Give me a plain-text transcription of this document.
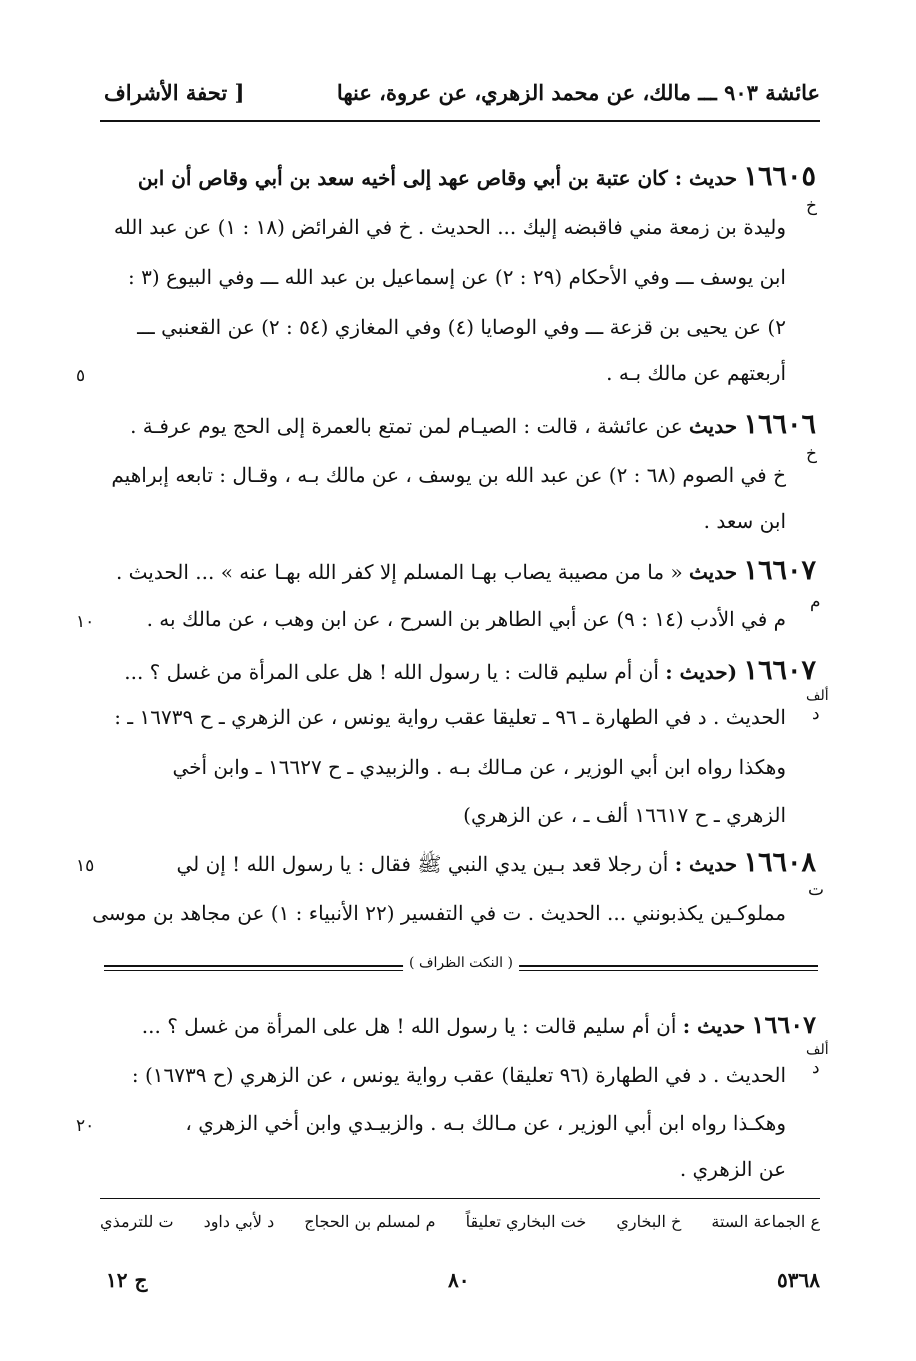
عائشة ٩٠٣ ـــ مالك، عن محمد الزهري، عن عروة، عنها
[ تحفة الأشراف
١٦٦٠٥ حديث : كان عتبة بن أبي وقاص عهد إلى أخيه سعد بن أبي وقاص أن ابن
خ
وليدة بن زمعة مني فاقبضه إليك ... الحديث . خ في الفرائض (١٨ : ١) عن عبد الله
ابن يوسف ـــ وفي الأحكام (٢٩ : ٢) عن إسماعيل بن عبد الله ـــ وفي البيوع (٣ :
٢) عن يحيى بن قزعة ـــ وفي الوصايا (٤) وفي المغازي (٥٤ : ٢) عن القعنبي ـــ
أربعتهم عن مالك بـه .
٥
١٦٦٠٦ حديث عن عائشة ، قالت : الصيـام لمن تمتع بالعمرة إلى الحج يوم عرفـة .
خ
خ في الصوم (٦٨ : ٢) عن عبد الله بن يوسف ، عن مالك بـه ، وقـال : تابعه إبراهيم
ابن سعد .
١٦٦٠٧ حديث « ما من مصيبة يصاب بهـا المسلم إلا كفر الله بهـا عنه » ... الحديث .
م
م في الأدب (١٤ : ٩) عن أبي الطاهر بن السرح ، عن ابن وهب ، عن مالك به .
١٠
١٦٦٠٧ (حديث : أن أم سليم قالت : يا رسول الله ! هل على المرأة من غسل ؟ ...
ألف
د
الحديث . د في الطهارة ـ ٩٦ ـ تعليقا عقب رواية يونس ، عن الزهري ـ ح ١٦٧٣٩ ـ :
وهكذا رواه ابن أبي الوزير ، عن مـالك بـه . والزبيدي ـ ح ١٦٦٢٧ ـ وابن أخي
الزهري ـ ح ١٦٦١٧ ألف ـ ، عن الزهري)
١٦٦٠٨ حديث : أن رجلا قعد بـين يدي النبي ﷺ فقال : يا رسول الله ! إن لي
١٥
ت
مملوكـين يكذبونني ... الحديث . ت في التفسير (٢٢ الأنبياء : ١) عن مجاهد بن موسى
( النكت الظراف )
١٦٦٠٧ حديث : أن أم سليم قالت : يا رسول الله ! هل على المرأة من غسل ؟ ...
ألف
د
الحديث . د في الطهارة (٩٦ تعليقا) عقب رواية يونس ، عن الزهري (ح ١٦٧٣٩) :
وهكـذا رواه ابن أبي الوزير ، عن مـالك بـه . والزبيـدي وابن أخي الزهري ،
٢٠
عن الزهري .
ع الجماعة الستة
خ البخاري
خت البخاري تعليقاً
م لمسلم بن الحجاج
د لأبي داود
ت للترمذي
ج ١٢	٨٠	٥٣٦٨
